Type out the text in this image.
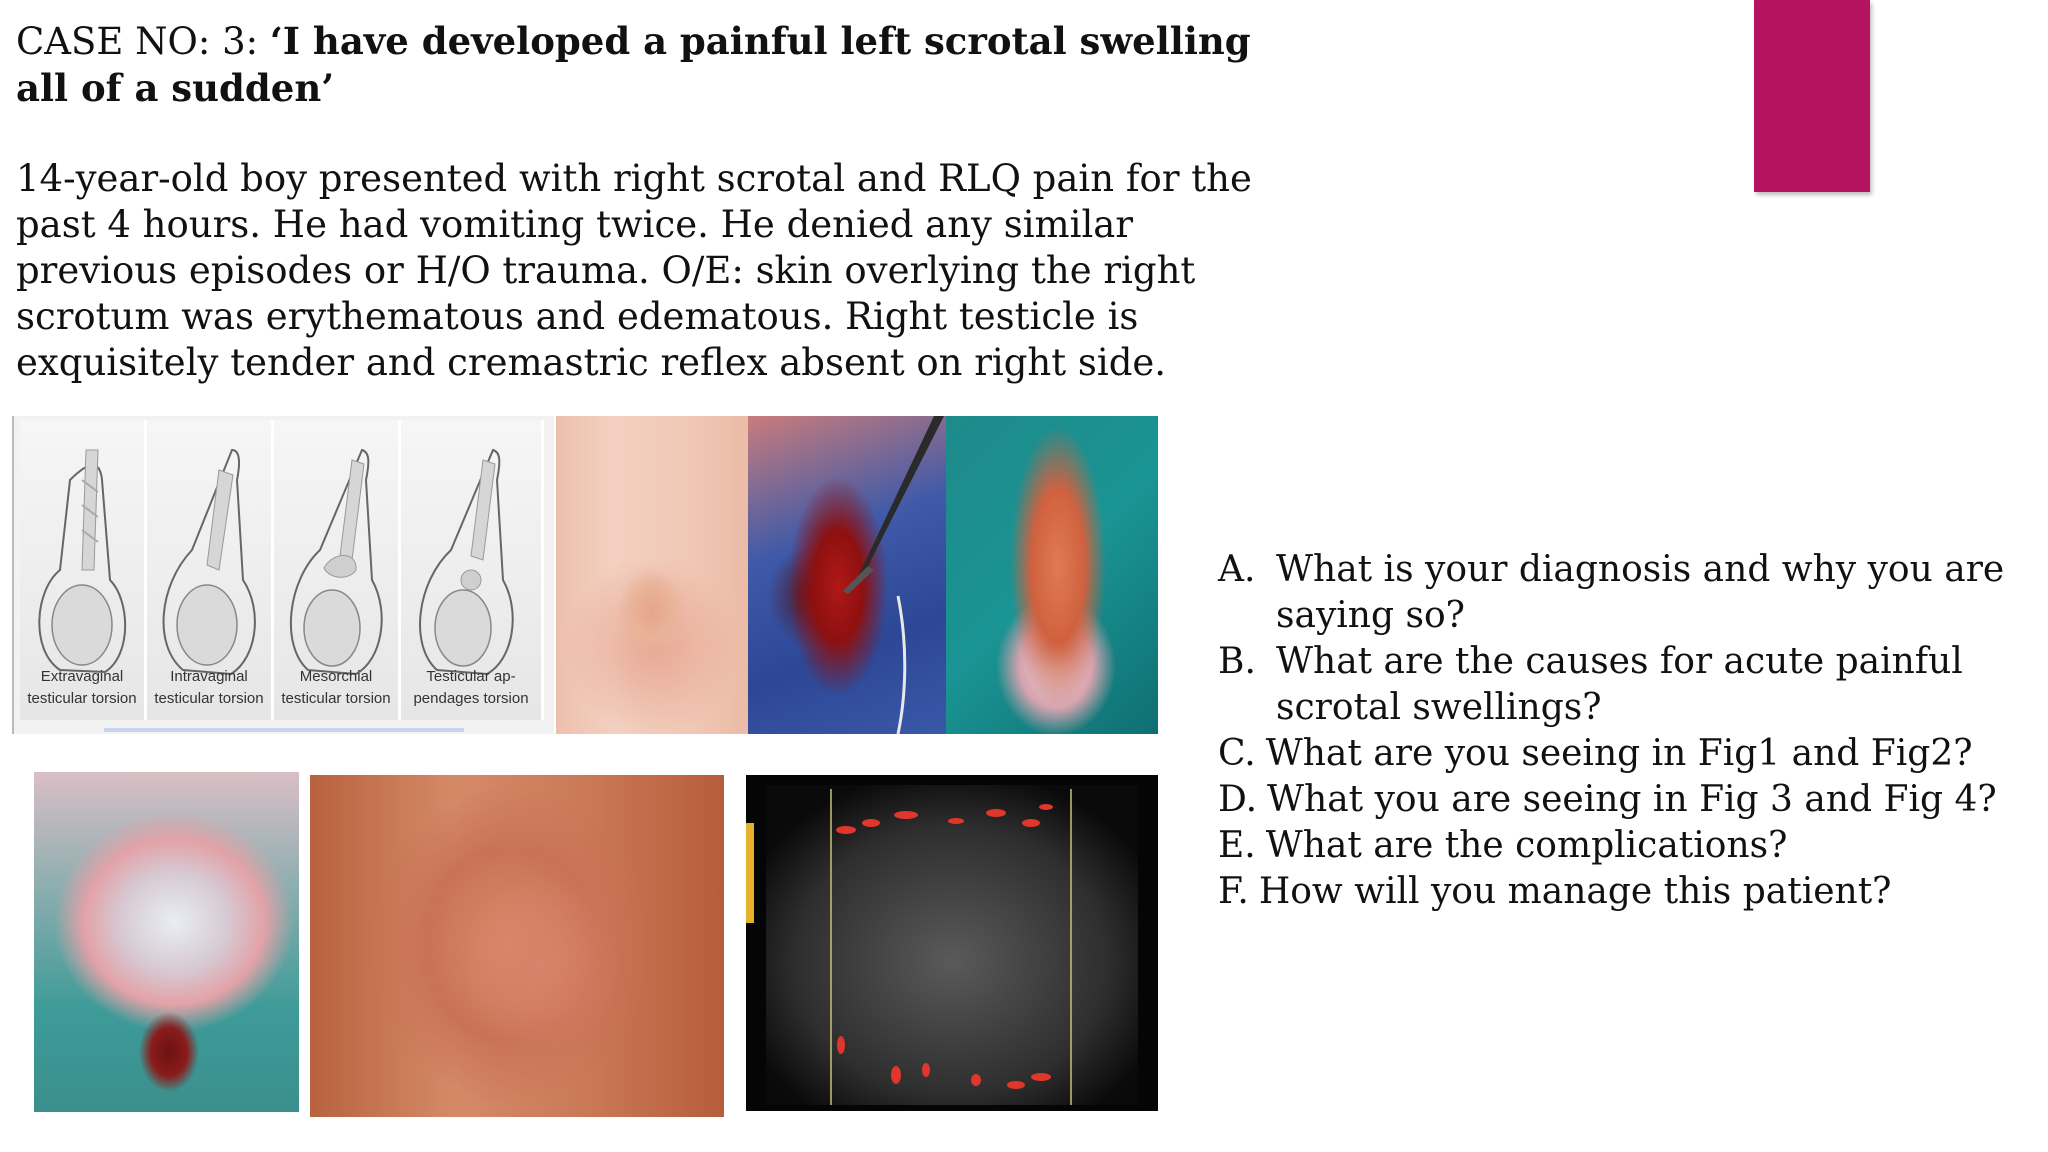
CASE NO: 3: ‘I have developed a painful left scrotal swelling all of a sudden’
14-year-old boy presented with right scrotal and RLQ pain for the past 4 hours. He had vomiting twice. He denied any similar previous episodes or H/O trauma. O/E: skin overlying the right scrotum was erythematous and edematous. Right testicle is exquisitely tender and cremastric reflex absent on right side.
Extravaginal
testicular torsion
Intravaginal
testicular torsion
Mesorchial
testicular torsion
Testicular ap-
pendages torsion
A. What is your diagnosis and why you are saying so?
B. What are the causes for acute painful scrotal swellings?
C. What are you seeing in Fig1 and Fig2?
D. What you are seeing in Fig 3 and Fig 4?
E. What are the complications?
F. How will you manage this patient?
